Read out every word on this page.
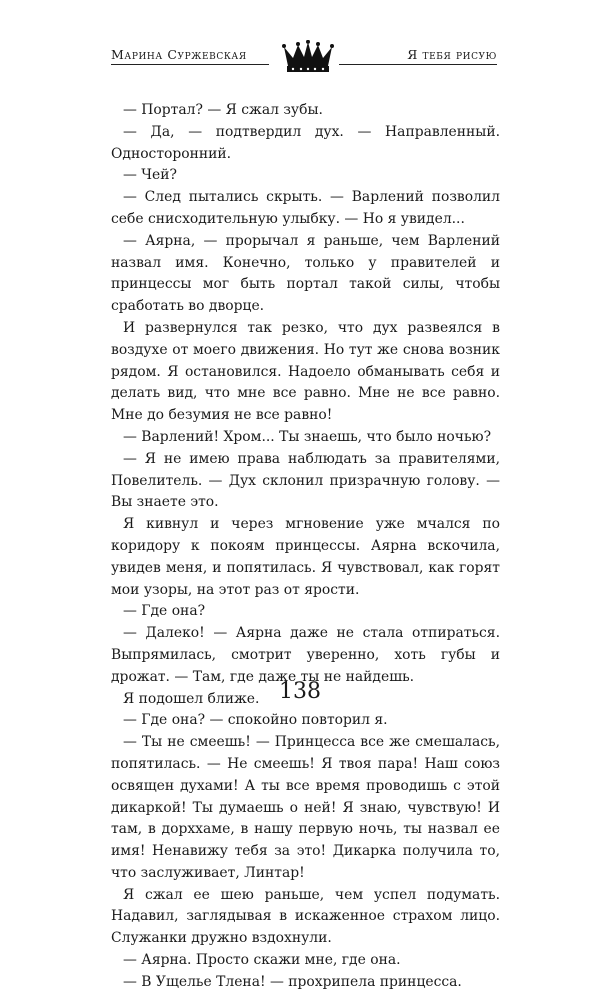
Марина Суржевская	Я тебя рисую

— Портал? — Я сжал зубы.

— Да, — подтвердил дух. — Направленный. Односторонний.

— Чей?

— След пытались скрыть. — Варлений позволил себе снисходительную улыбку. — Но я увидел...

— Аярна, — прорычал я раньше, чем Варлений назвал имя. Конечно, только у правителей и принцессы мог быть портал такой силы, чтобы сработать во дворце.

И развернулся так резко, что дух развеялся в воздухе от моего движения. Но тут же снова возник рядом. Я остановился. Надоело обманывать себя и делать вид, что мне все равно. Мне не все равно. Мне до безумия не все равно!

— Варлений! Хром... Ты знаешь, что было ночью?

— Я не имею права наблюдать за правителями, Повелитель. — Дух склонил призрачную голову. — Вы знаете это.

Я кивнул и через мгновение уже мчался по коридору к покоям принцессы. Аярна вскочила, увидев меня, и попятилась. Я чувствовал, как горят мои узоры, на этот раз от ярости.

— Где она?

— Далеко! — Аярна даже не стала отпираться. Выпрямилась, смотрит уверенно, хоть губы и дрожат. — Там, где даже ты не найдешь.

Я подошел ближе.

— Где она? — спокойно повторил я.

— Ты не смеешь! — Принцесса все же смешалась, попятилась. — Не смеешь! Я твоя пара! Наш союз освящен духами! А ты все время проводишь с этой дикаркой! Ты думаешь о ней! Я знаю, чувствую! И там, в дорххаме, в нашу первую ночь, ты назвал ее имя! Ненавижу тебя за это! Дикарка получила то, что заслуживает, Линтар!

Я сжал ее шею раньше, чем успел подумать. Надавил, заглядывая в искаженное страхом лицо. Служанки дружно вздохнули.

— Аярна. Просто скажи мне, где она.

— В Ущелье Тлена! — прохрипела принцесса.

138
